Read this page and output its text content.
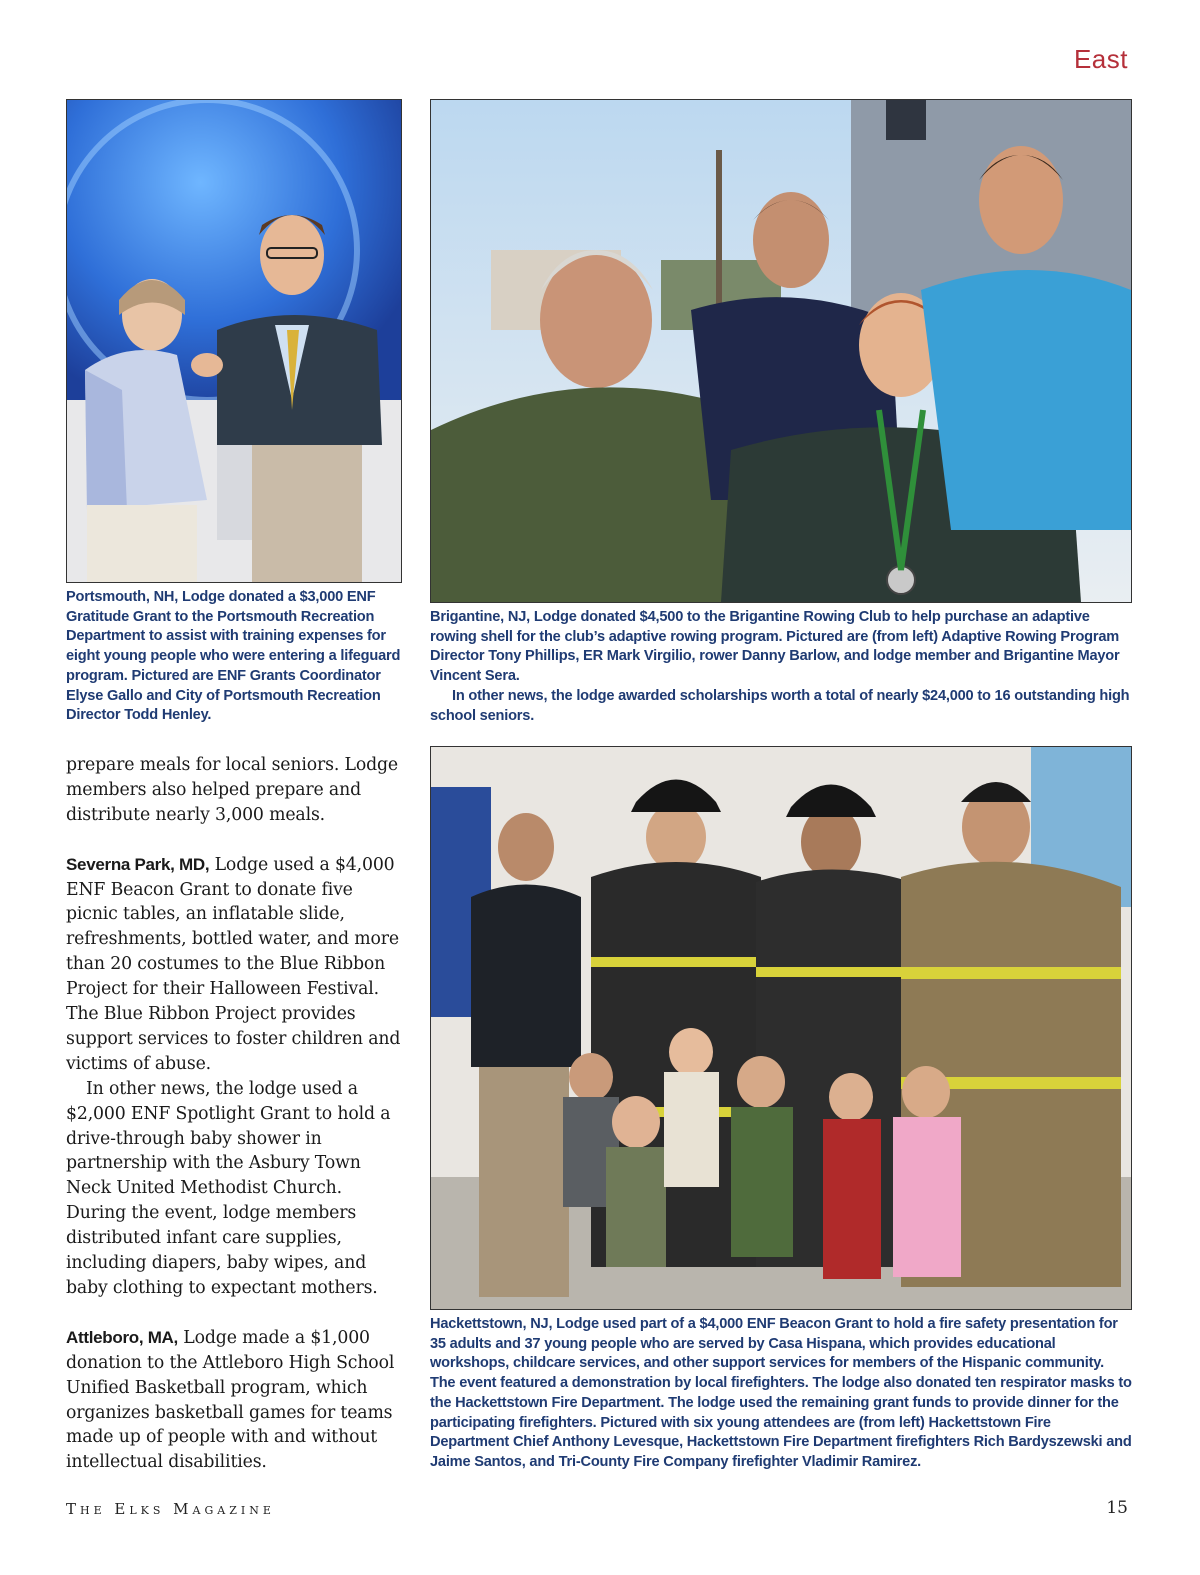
East

Portsmouth, NH, Lodge donated a $3,000 ENF Gratitude Grant to the Portsmouth Recreation Department to assist with training expenses for eight young people who were entering a lifeguard program. Pictured are ENF Grants Coordinator Elyse Gallo and City of Portsmouth Recreation Director Todd Henley.

Brigantine, NJ, Lodge donated $4,500 to the Brigantine Rowing Club to help purchase an adaptive rowing shell for the club’s adaptive rowing program. Pictured are (from left) Adaptive Rowing Program Director Tony Phillips, ER Mark Virgilio, rower Danny Barlow, and lodge member and Brigantine Mayor Vincent Sera.

In other news, the lodge awarded scholarships worth a total of nearly $24,000 to 16 outstanding high school seniors.

Hackettstown, NJ, Lodge used part of a $4,000 ENF Beacon Grant to hold a fire safety presentation for 35 adults and 37 young people who are served by Casa Hispana, which provides educational workshops, childcare services, and other support services for members of the Hispanic community. The event featured a demonstration by local firefighters. The lodge also donated ten respirator masks to the Hackettstown Fire Department. The lodge used the remaining grant funds to provide dinner for the participating firefighters. Pictured with six young attendees are (from left) Hackettstown Fire Department Chief Anthony Levesque, Hackettstown Fire Department firefighters Rich Bardyszewski and Jaime Santos, and Tri-County Fire Company firefighter Vladimir Ramirez.

prepare meals for local seniors. Lodge members also helped prepare and distribute nearly 3,000 meals.

Severna Park, MD, Lodge used a $4,000 ENF Beacon Grant to donate five picnic tables, an inflatable slide, refreshments, bottled water, and more than 20 costumes to the Blue Ribbon Project for their Halloween Festival. The Blue Ribbon Project provides support services to foster children and victims of abuse.

In other news, the lodge used a $2,000 ENF Spotlight Grant to hold a drive-through baby shower in partnership with the Asbury Town Neck United Methodist Church. During the event, lodge members distributed infant care supplies, including diapers, baby wipes, and baby clothing to expectant mothers.

Attleboro, MA, Lodge made a $1,000 donation to the Attleboro High School Unified Basketball program, which organizes basketball games for teams made up of people with and without intellectual disabilities.

The Elks Magazine	15
